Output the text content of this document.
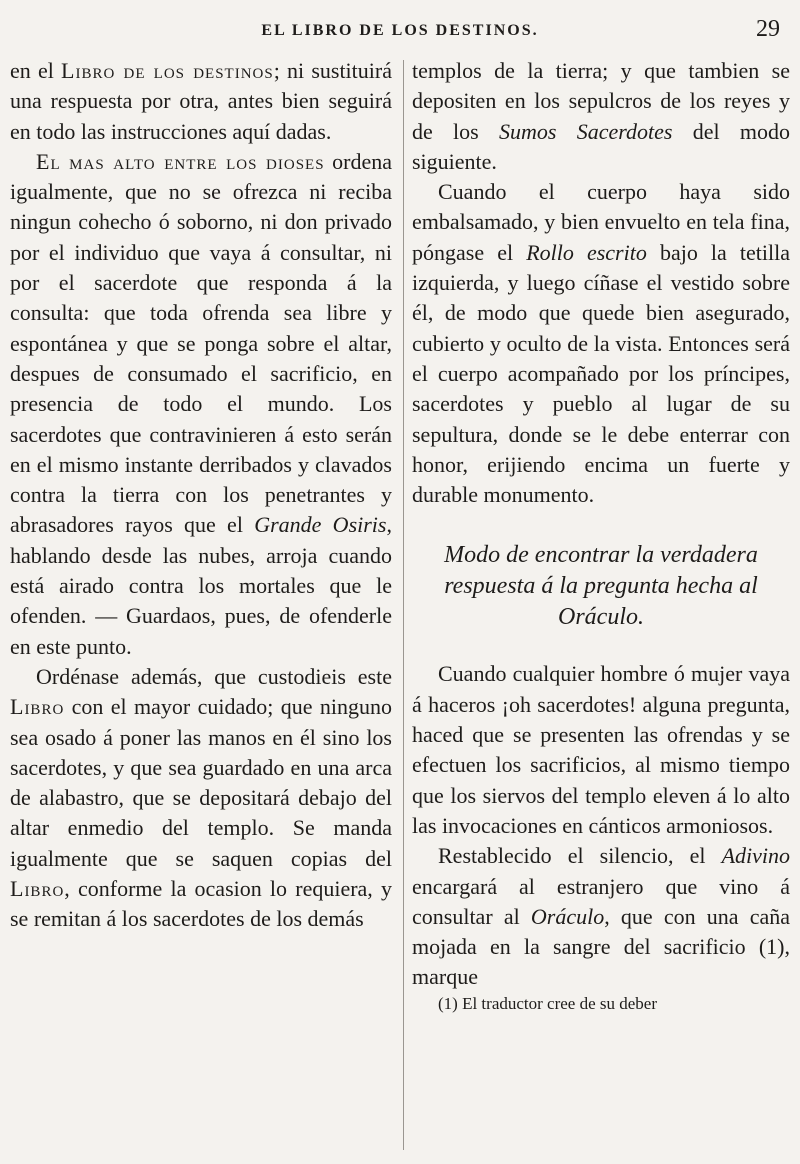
EL LIBRO DE LOS DESTINOS.	29

en el Libro de los destinos; ni sustituirá una respuesta por otra, antes bien seguirá en todo las instrucciones aquí dadas.

El mas alto entre los dioses ordena igualmente, que no se ofrezca ni reciba ningun cohecho ó soborno, ni don privado por el individuo que vaya á consultar, ni por el sacerdote que responda á la consulta: que toda ofrenda sea libre y espontánea y que se ponga sobre el altar, despues de consumado el sacrificio, en presencia de todo el mundo. Los sacerdotes que contravinieren á esto serán en el mismo instante derribados y clavados contra la tierra con los penetrantes y abrasadores rayos que el Grande Osiris, hablando desde las nubes, arroja cuando está airado contra los mortales que le ofenden. — Guardaos, pues, de ofenderle en este punto.

Ordénase además, que custodieis este Libro con el mayor cuidado; que ninguno sea osado á poner las manos en él sino los sacerdotes, y que sea guardado en una arca de alabastro, que se depositará debajo del altar enmedio del templo. Se manda igualmente que se saquen copias del Libro, conforme la ocasion lo requiera, y se remitan á los sacerdotes de los demás

templos de la tierra; y que tambien se depositen en los sepulcros de los reyes y de los Sumos Sacerdotes del modo siguiente.

Cuando el cuerpo haya sido embalsamado, y bien envuelto en tela fina, póngase el Rollo escrito bajo la tetilla izquierda, y luego cíñase el vestido sobre él, de modo que quede bien asegurado, cubierto y oculto de la vista. Entonces será el cuerpo acompañado por los príncipes, sacerdotes y pueblo al lugar de su sepultura, donde se le debe enterrar con honor, erijiendo encima un fuerte y durable monumento.

Modo de encontrar la verdadera respuesta á la pregunta hecha al Oráculo.

Cuando cualquier hombre ó mujer vaya á haceros ¡oh sacerdotes! alguna pregunta, haced que se presenten las ofrendas y se efectuen los sacrificios, al mismo tiempo que los siervos del templo eleven á lo alto las invocaciones en cánticos armoniosos.

Restablecido el silencio, el Adivino encargará al estranjero que vino á consultar al Oráculo, que con una caña mojada en la sangre del sacrificio (1), marque

(1) El traductor cree de su deber
